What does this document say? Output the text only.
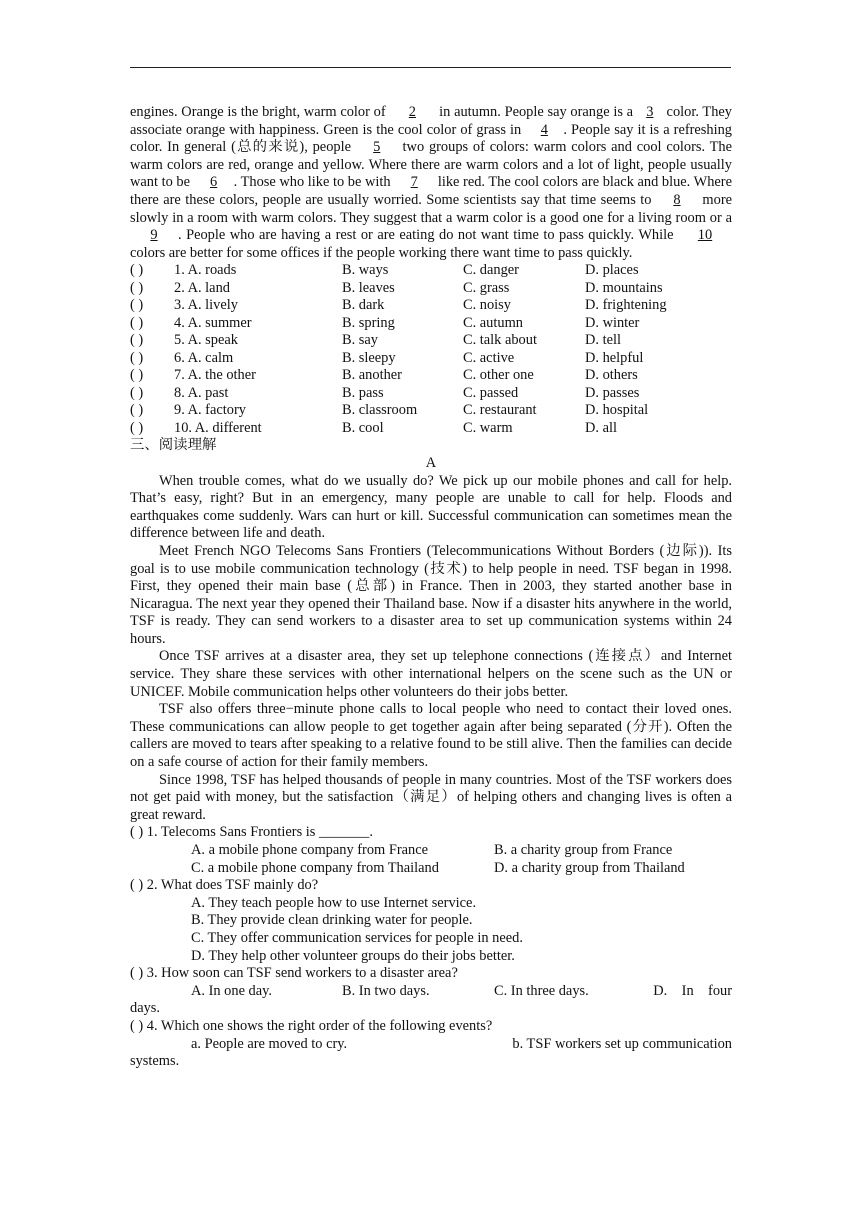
engines. Orange is the bright, warm color of 2 in autumn. People say orange is a 3 color. They associate orange with happiness. Green is the cool color of grass in 4 . People say it is a refreshing color. In general (总的来说), people 5 two groups of colors: warm colors and cool colors. The warm colors are red, orange and yellow. Where there are warm colors and a lot of light, people usually want to be 6 . Those who like to be with 7 like red. The cool colors are black and blue. Where there are these colors, people are usually worried. Some scientists say that time seems to 8 more slowly in a room with warm colors. They suggest that a warm color is a good one for a living room or a 9 . People who are having a rest or are eating do not want time to pass quickly. While 10 colors are better for some offices if the people working there want time to pass quickly.

( )	1. A. roads	B. ways	C. danger	D. places
( )	2. A. land	B. leaves	C. grass	D. mountains
( )	3. A. lively	B. dark	C. noisy	D. frightening
( )	4. A. summer	B. spring	C. autumn	D. winter
( )	5. A. speak	B. say	C. talk about	D. tell
( )	6. A. calm	B. sleepy	C. active	D. helpful
( )	7. A. the other	B. another	C. other one	D. others
( )	8. A. past	B. pass	C. passed	D. passes
( )	9. A. factory	B. classroom	C. restaurant	D. hospital
( )	10. A. different	B. cool	C. warm	D. all
三、阅读理解
A

When trouble comes, what do we usually do? We pick up our mobile phones and call for help. That’s easy, right? But in an emergency, many people are unable to call for help. Floods and earthquakes come suddenly. Wars can hurt or kill. Successful communication can sometimes mean the difference between life and death.

Meet French NGO Telecoms Sans Frontiers (Telecommunications Without Borders (边际)). Its goal is to use mobile communication technology (技术) to help people in need. TSF began in 1998. First, they opened their main base (总部) in France. Then in 2003, they started another base in Nicaragua. The next year they opened their Thailand base. Now if a disaster hits anywhere in the world, TSF is ready. They can send workers to a disaster area to set up communication systems within 24 hours.

Once TSF arrives at a disaster area, they set up telephone connections (连接点）and Internet service. They share these services with other international helpers on the scene such as the UN or UNICEF. Mobile communication helps other volunteers do their jobs better.

TSF also offers three−minute phone calls to local people who need to contact their loved ones. These communications can allow people to get together again after being separated (分开). Often the callers are moved to tears after speaking to a relative found to be still alive. Then the families can decide on a safe course of action for their family members.

Since 1998, TSF has helped thousands of people in many countries. Most of the TSF workers does not get paid with money, but the satisfaction（满足）of helping others and changing lives is often a great reward.

( ) 1. Telecoms Sans Frontiers is _______.
A. a mobile phone company from France	B. a charity group from France
C. a mobile phone company from Thailand	D. a charity group from Thailand
( ) 2. What does TSF mainly do?
A. They teach people how to use Internet service.
B. They provide clean drinking water for people.
C. They offer communication services for people in need.
D. They help other volunteer groups do their jobs better.
( ) 3. How soon can TSF send workers to a disaster area?
A. In one day.	B. In two days.	C. In three days.	D.    In    four
days.
( ) 4. Which one shows the right order of the following events?
a. People are moved to cry.	b. TSF workers set up communication
systems.
